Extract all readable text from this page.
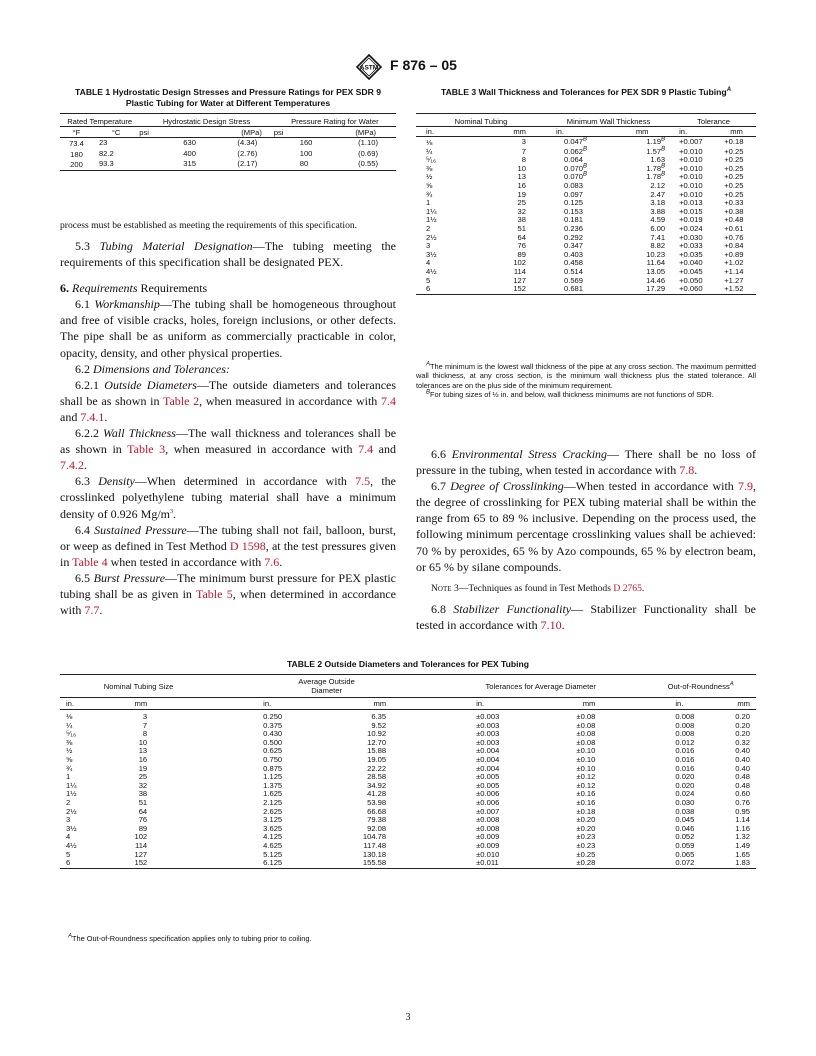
ASTM F 876 – 05
TABLE 1 Hydrostatic Design Stresses and Pressure Ratings for PEX SDR 9 Plastic Tubing for Water at Different Temperatures
Rated Temperature		Hydrostatic Design Stress		Pressure Rating for Water	
°F	°C	psi	(MPa)	psi	(MPa)
73.4	23	630	(4.34)	160	(1.10)
180	82.2	400	(2.76)	100	(0.69)
200	93.3	315	(2.17)	80	(0.55)

process must be established as meeting the requirements of this specification.

5.3 Tubing Material Designation—The tubing meeting the requirements of this specification shall be designated PEX.

6. Requirements Requirements

6.1 Workmanship—The tubing shall be homogeneous throughout and free of visible cracks, holes, foreign inclusions, or other defects. The pipe shall be as uniform as commercially practicable in color, opacity, density, and other physical properties.

6.2 Dimensions and Tolerances:

6.2.1 Outside Diameters—The outside diameters and tolerances shall be as shown in Table 2, when measured in accordance with 7.4 and 7.4.1.

6.2.2 Wall Thickness—The wall thickness and tolerances shall be as shown in Table 3, when measured in accordance with 7.4 and 7.4.2.

6.3 Density—When determined in accordance with 7.5, the crosslinked polyethylene tubing material shall have a minimum density of 0.926 $Mg/m^3$.

6.4 Sustained Pressure—The tubing shall not fail, balloon, burst, or weep as defined in Test Method D 1598, at the test pressures given in Table 4 when tested in accordance with 7.6.

6.5 Burst Pressure—The minimum burst pressure for PEX plastic tubing shall be as given in Table 5, when determined in accordance with 7.7.

TABLE 3 Wall Thickness and Tolerances for PEX SDR 9 Plastic Tubing$^A$
Nominal Tubing		Minimum Wall Thickness		Tolerance	
in.	mm	in.	mm	in.	mm
⅛	3	$0.047^B$	$1.19^B$	+0.007	+0.18
¼	7	$0.062^B$	$1.57^B$	+0.010	+0.25
⁵⁄₁₆	8	0.064	1.63	+0.010	+0.25
⅜	10	$0.070^B$	$1.78^B$	+0.010	+0.25
½	13	$0.070^B$	$1.78^B$	+0.010	+0.25
⅝	16	0.083	2.12	+0.010	+0.25
¾	19	0.097	2.47	+0.010	+0.25
1	25	0.125	3.18	+0.013	+0.33
1¼	32	0.153	3.88	+0.015	+0.38
1½	38	0.181	4.59	+0.019	+0.48
2	51	0.236	6.00	+0.024	+0.61
2½	64	0.292	7.41	+0.030	+0.76
3	76	0.347	8.82	+0.033	+0.84
3½	89	0.403	10.23	+0.035	+0.89
4	102	0.458	11.64	+0.040	+1.02
4½	114	0.514	13.05	+0.045	+1.14
5	127	0.569	14.46	+0.050	+1.27
6	152	0.681	17.29	+0.060	+1.52

$^A$The minimum is the lowest wall thickness of the pipe at any cross section. The maximum permitted wall thickness, at any cross section, is the minimum wall thickness plus the stated tolerance. All tolerances are on the plus side of the minimum requirement.

$^B$For tubing sizes of ½ in. and below, wall thickness minimums are not functions of SDR.

6.6 Environmental Stress Cracking— There shall be no loss of pressure in the tubing, when tested in accordance with 7.8.

6.7 Degree of Crosslinking—When tested in accordance with 7.9, the degree of crosslinking for PEX tubing material shall be within the range from 65 to 89 % inclusive. Depending on the process used, the following minimum percentage crosslinking values shall be achieved: 70 % by peroxides, 65 % by Azo compounds, 65 % by electron beam, or 65 % by silane compounds.

Note 3—Techniques as found in Test Methods D 2765.

6.8 Stabilizer Functionality— Stabilizer Functionality shall be tested in accordance with 7.10.

TABLE 2 Outside Diameters and Tolerances for PEX Tubing
Nominal Tubing Size		Average Outside Diameter		Tolerances for Average Diameter		Out-of-Roundness$^A$
in.	mm	in.	mm	in.	mm	in.	mm
⅛	3	0.250	6.35	±0.003	±0.08	0.008	0.20
¼	7	0.375	9.52	±0.003	±0.08	0.008	0.20
⁵⁄₁₆	8	0.430	10.92	±0.003	±0.08	0.008	0.20
⅜	10	0.500	12.70	±0.003	±0.08	0.012	0.32
½	13	0.625	15.88	±0.004	±0.10	0.016	0.40
⅝	16	0.750	19.05	±0.004	±0.10	0.016	0.40
¾	19	0.875	22.22	±0.004	±0.10	0.016	0.40
1	25	1.125	28.58	±0.005	±0.12	0.020	0.48
1¼	32	1.375	34.92	±0.005	±0.12	0.020	0.48
1½	38	1.625	41.28	±0.006	±0.16	0.024	0.60
2	51	2.125	53.98	±0.006	±0.16	0.030	0.76
2½	64	2.625	66.68	±0.007	±0.18	0.038	0.95
3	76	3.125	79.38	±0.008	±0.20	0.045	1.14
3½	89	3.625	92.08	±0.008	±0.20	0.046	1.16
4	102	4.125	104.78	±0.009	±0.23	0.052	1.32
4½	114	4.625	117.48	±0.009	±0.23	0.059	1.49
5	127	5.125	130.18	±0.010	±0.25	0.065	1.65
6	152	6.125	155.58	±0.011	±0.28	0.072	1.83
$^A$The Out-of-Roundness specification applies only to tubing prior to coiling.
3
